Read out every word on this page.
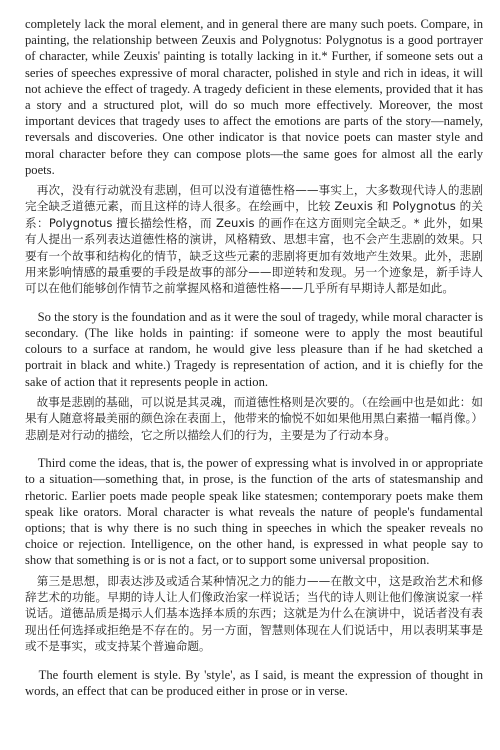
completely lack the moral element, and in general there are many such poets. Compare, in painting, the relationship between Zeuxis and Polygnotus: Polygnotus is a good portrayer of character, while Zeuxis' painting is totally lacking in it.* Further, if someone sets out a series of speeches expressive of moral character, polished in style and rich in ideas, it will not achieve the effect of tragedy. A tragedy deficient in these elements, provided that it has a story and a structured plot, will do so much more effectively. Moreover, the most important devices that tragedy uses to affect the emotions are parts of the story—namely, reversals and discoveries. One other indicator is that novice poets can master style and moral character before they can compose plots—the same goes for almost all the early poets.

　再次，没有行动就没有悲剧，但可以没有道德性格——事实上，大多数现代诗人的悲剧完全缺乏道德元素，而且这样的诗人很多。在绘画中，比较 Zeuxis 和 Polygnotus 的关系：Polygnotus 擅长描绘性格，而 Zeuxis 的画作在这方面则完全缺乏。* 此外，如果有人提出一系列表达道德性格的演讲，风格精致、思想丰富，也不会产生悲剧的效果。只要有一个故事和结构化的情节，缺乏这些元素的悲剧将更加有效地产生效果。此外，悲剧用来影响情感的最重要的手段是故事的部分——即逆转和发现。另一个迹象是，新手诗人可以在他们能够创作情节之前掌握风格和道德性格——几乎所有早期诗人都是如此。

　So the story is the foundation and as it were the soul of tragedy, while moral character is secondary. (The like holds in painting: if someone were to apply the most beautiful colours to a surface at random, he would give less pleasure than if he had sketched a portrait in black and white.) Tragedy is representation of action, and it is chiefly for the sake of action that it represents people in action.

　故事是悲剧的基础，可以说是其灵魂，而道德性格则是次要的。（在绘画中也是如此：如果有人随意将最美丽的颜色涂在表面上，他带来的愉悦不如如果他用黑白素描一幅肖像。）悲剧是对行动的描绘，它之所以描绘人们的行为，主要是为了行动本身。

　Third come the ideas, that is, the power of expressing what is involved in or appropriate to a situation—something that, in prose, is the function of the arts of statesmanship and rhetoric. Earlier poets made people speak like statesmen; contemporary poets make them speak like orators. Moral character is what reveals the nature of people's fundamental options; that is why there is no such thing in speeches in which the speaker reveals no choice or rejection. Intelligence, on the other hand, is expressed in what people say to show that something is or is not a fact, or to support some universal proposition.

　第三是思想，即表达涉及或适合某种情况之力的能力——在散文中，这是政治艺术和修辞艺术的功能。早期的诗人让人们像政治家一样说话；当代的诗人则让他们像演说家一样说话。道德品质是揭示人们基本选择本质的东西；这就是为什么在演讲中，说话者没有表现出任何选择或拒绝是不存在的。另一方面，智慧则体现在人们说话中，用以表明某事是或不是事实，或支持某个普遍命题。

　The fourth element is style. By 'style', as I said, is meant the expression of thought in words, an effect that can be produced either in prose or in verse.
